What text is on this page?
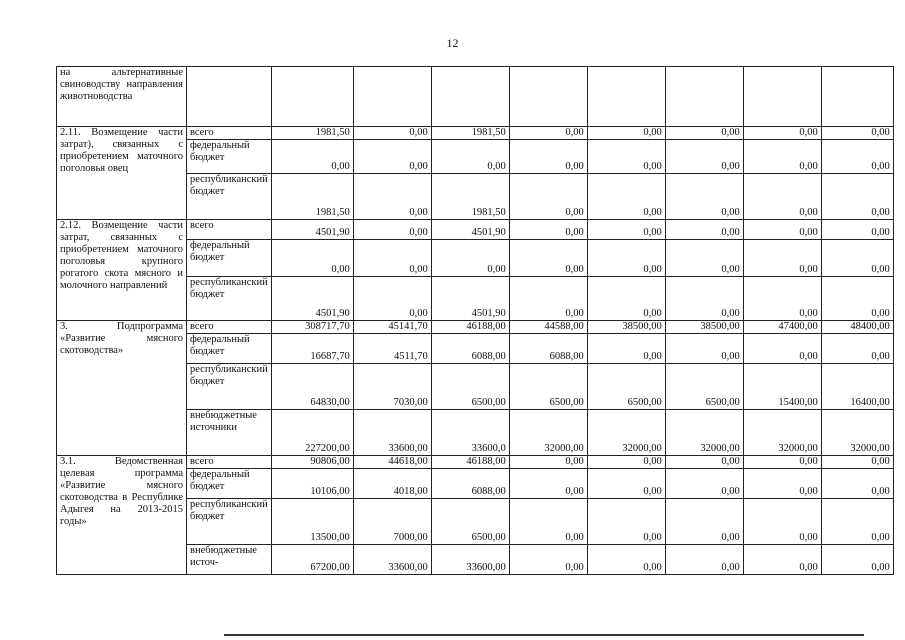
12
на альтернативные свиноводству направления животноводства									
2.11. Возмещение части затрат), связанных с приобретением маточного поголовья овец	всего	1981,50	0,00	1981,50	0,00	0,00	0,00	0,00	0,00
	федеральный бюджет	0,00	0,00	0,00	0,00	0,00	0,00	0,00	0,00
	республиканский бюджет	1981,50	0,00	1981,50	0,00	0,00	0,00	0,00	0,00
2.12. Возмещение части затрат, связанных с приобретением маточного поголовья крупного рогатого скота мясного и молочного направлений	всего	4501,90	0,00	4501,90	0,00	0,00	0,00	0,00	0,00
	федеральный бюджет	0,00	0,00	0,00	0,00	0,00	0,00	0,00	0,00
	республиканский бюджет	4501,90	0,00	4501,90	0,00	0,00	0,00	0,00	0,00
3. Подпрограмма «Развитие мясного скотоводства»	всего	308717,70	45141,70	46188,00	44588,00	38500,00	38500,00	47400,00	48400,00
	федеральный бюджет	16687,70	4511,70	6088,00	6088,00	0,00	0,00	0,00	0,00
	республиканский бюджет	64830,00	7030,00	6500,00	6500,00	6500,00	6500,00	15400,00	16400,00
	внебюджетные источники	227200,00	33600,00	33600,0	32000,00	32000,00	32000,00	32000,00	32000,00
3.1. Ведомственная целевая программа «Развитие мясного скотоводства в Республике Адыгея на 2013-2015 годы»	всего	90806,00	44618,00	46188,00	0,00	0,00	0,00	0,00	0,00
	федеральный бюджет	10106,00	4018,00	6088,00	0,00	0,00	0,00	0,00	0,00
	республиканский бюджет	13500,00	7000,00	6500,00	0,00	0,00	0,00	0,00	0,00
	внебюджетные источ-	67200,00	33600,00	33600,00	0,00	0,00	0,00	0,00	0,00
